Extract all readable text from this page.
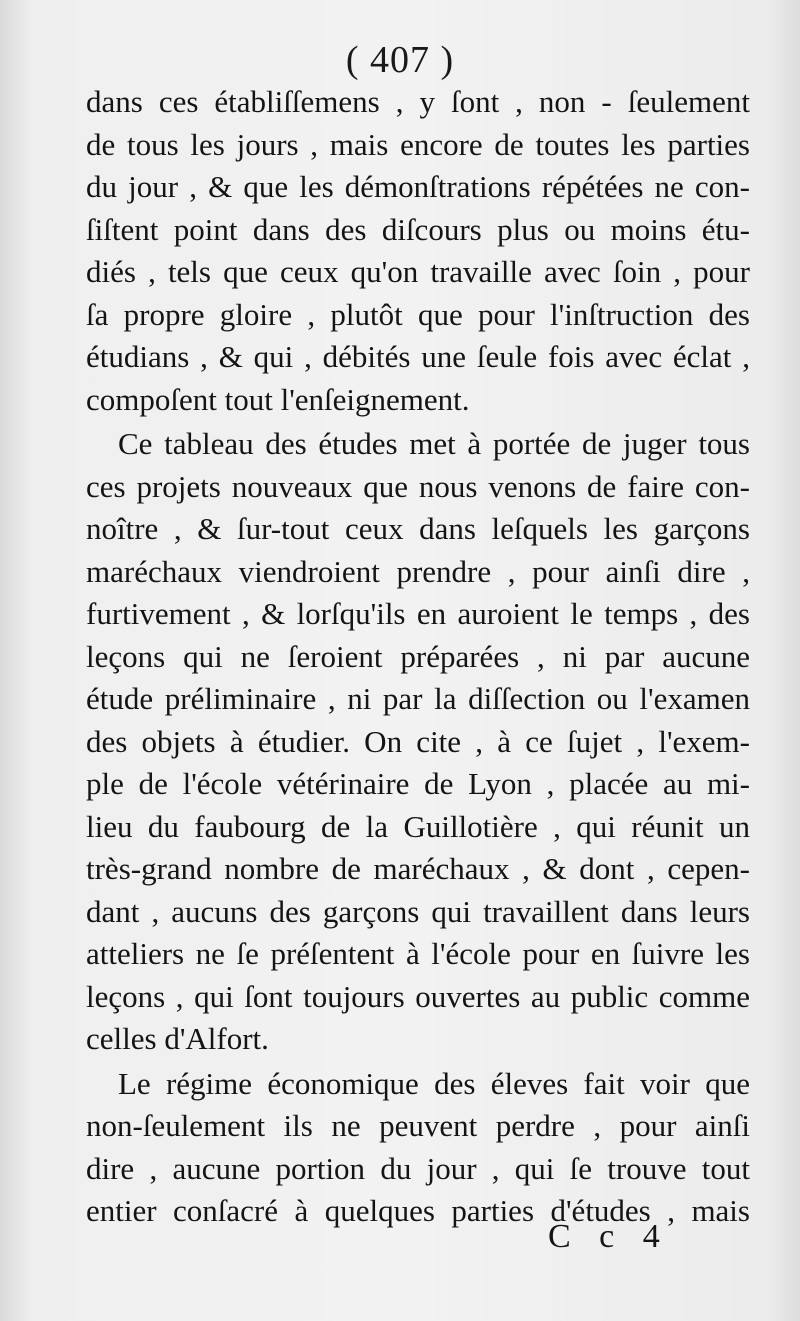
( 407 )
dans ces établiſſemens , y ſont , non - ſeulement
de tous les jours , mais encore de toutes les parties
du jour , & que les démonſtrations répétées ne con-
ſiſtent point dans des diſcours plus ou moins étu-
diés , tels que ceux qu'on travaille avec ſoin , pour
ſa propre gloire , plutôt que pour l'inſtruction des
étudians , & qui , débités une ſeule fois avec éclat ,
compoſent tout l'enſeignement.
Ce tableau des études met à portée de juger tous
ces projets nouveaux que nous venons de faire con-
noître , & ſur-tout ceux dans leſquels les garçons
maréchaux viendroient prendre , pour ainſi dire ,
furtivement , & lorſqu'ils en auroient le temps , des
leçons qui ne ſeroient préparées , ni par aucune
étude préliminaire , ni par la diſſection ou l'examen
des objets à étudier. On cite , à ce ſujet , l'exem-
ple de l'école vétérinaire de Lyon , placée au mi-
lieu du faubourg de la Guillotière , qui réunit un
très-grand nombre de maréchaux , & dont , cepen-
dant , aucuns des garçons qui travaillent dans leurs
atteliers ne ſe préſentent à l'école pour en ſuivre les
leçons , qui ſont toujours ouvertes au public comme
celles d'Alfort.
Le régime économique des éleves fait voir que
non-ſeulement ils ne peuvent perdre , pour ainſi
dire , aucune portion du jour , qui ſe trouve tout
entier conſacré à quelques parties d'études , mais
C c 4
